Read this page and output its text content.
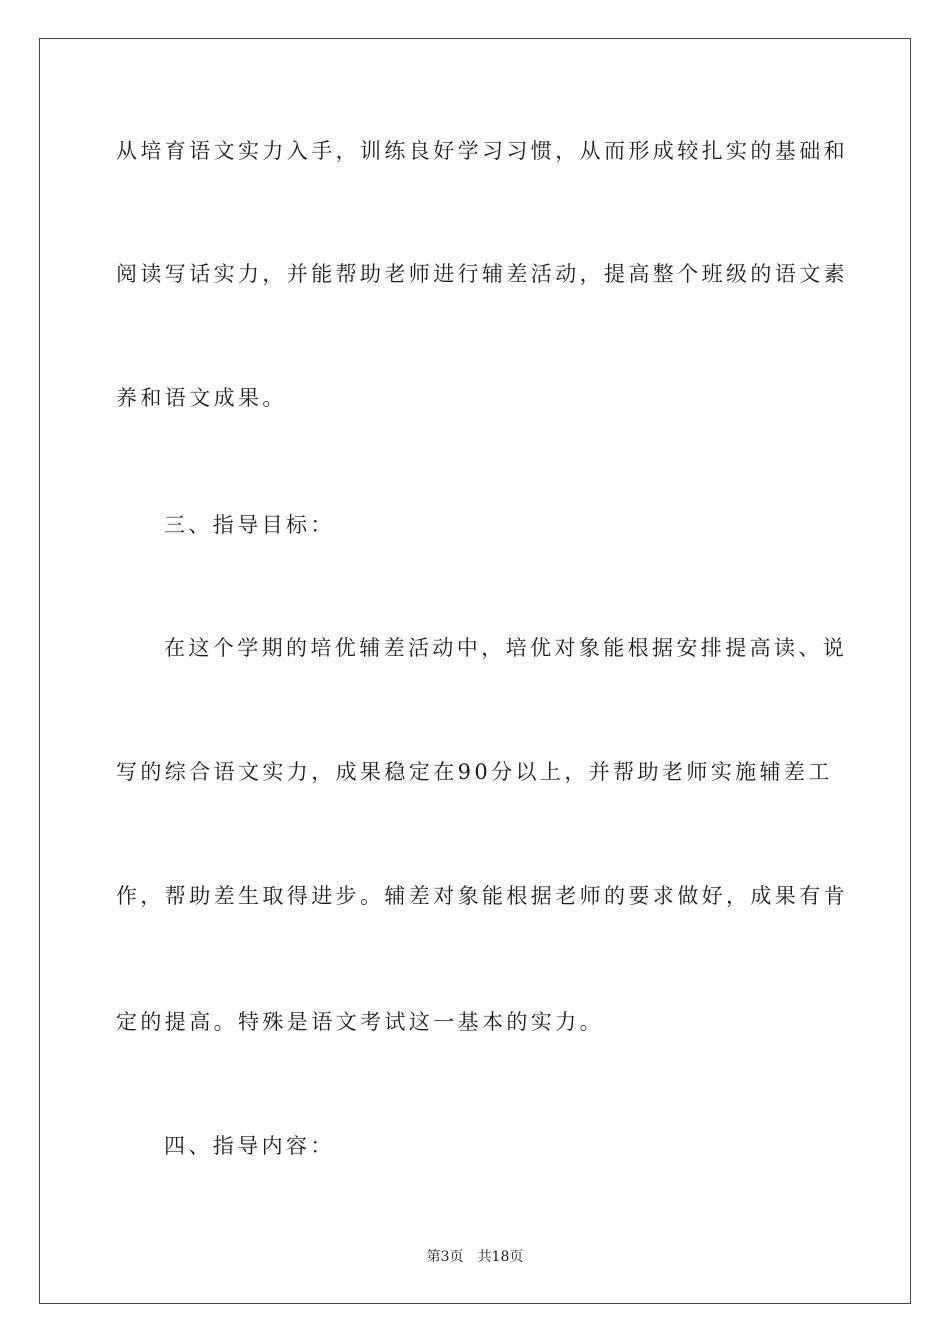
从培育语文实力入手，训练良好学习习惯，从而形成较扎实的基础和
阅读写话实力，并能帮助老师进行辅差活动，提高整个班级的语文素
养和语文成果。
三、指导目标：
在这个学期的培优辅差活动中，培优对象能根据安排提高读、说
写的综合语文实力，成果稳定在90分以上，并帮助老师实施辅差工
作，帮助差生取得进步。辅差对象能根据老师的要求做好，成果有肯
定的提高。特殊是语文考试这一基本的实力。
四、指导内容：
第3页 共18页
